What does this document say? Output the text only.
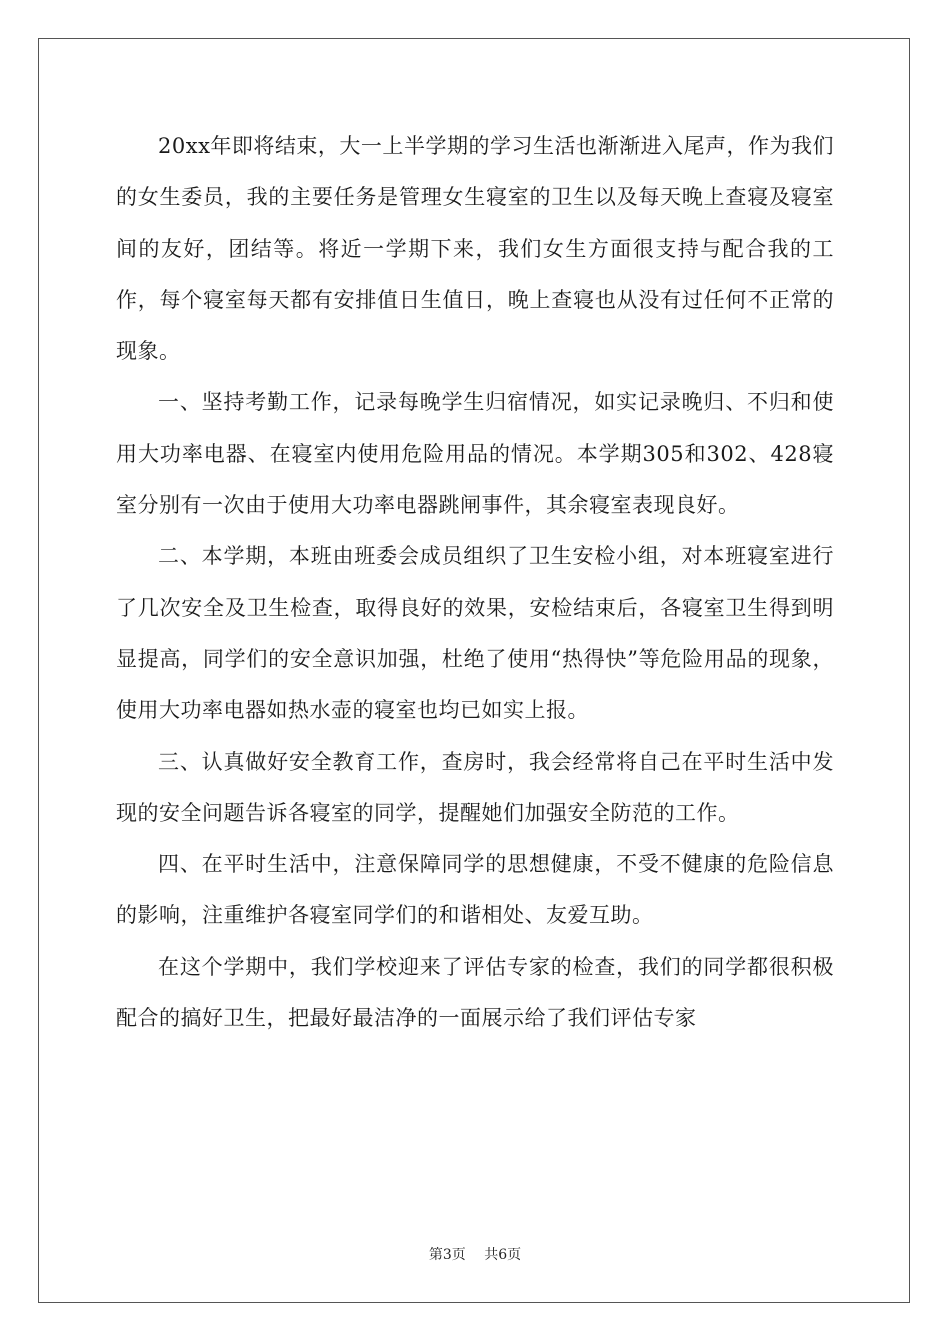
20xx年即将结束，大一上半学期的学习生活也渐渐进入尾声，作为我们的女生委员，我的主要任务是管理女生寝室的卫生以及每天晚上查寝及寝室间的友好，团结等。将近一学期下来，我们女生方面很支持与配合我的工作，每个寝室每天都有安排值日生值日，晚上查寝也从没有过任何不正常的现象。

一、坚持考勤工作，记录每晚学生归宿情况，如实记录晚归、不归和使用大功率电器、在寝室内使用危险用品的情况。本学期305和302、428寝室分别有一次由于使用大功率电器跳闸事件，其余寝室表现良好。

二、本学期，本班由班委会成员组织了卫生安检小组，对本班寝室进行了几次安全及卫生检查，取得良好的效果，安检结束后，各寝室卫生得到明显提高，同学们的安全意识加强，杜绝了使用“热得快”等危险用品的现象，使用大功率电器如热水壶的寝室也均已如实上报。

三、认真做好安全教育工作，查房时，我会经常将自己在平时生活中发现的安全问题告诉各寝室的同学，提醒她们加强安全防范的工作。

四、在平时生活中，注意保障同学的思想健康，不受不健康的危险信息的影响，注重维护各寝室同学们的和谐相处、友爱互助。

在这个学期中，我们学校迎来了评估专家的检查，我们的同学都很积极配合的搞好卫生，把最好最洁净的一面展示给了我们评估专家

第3页 共6页
